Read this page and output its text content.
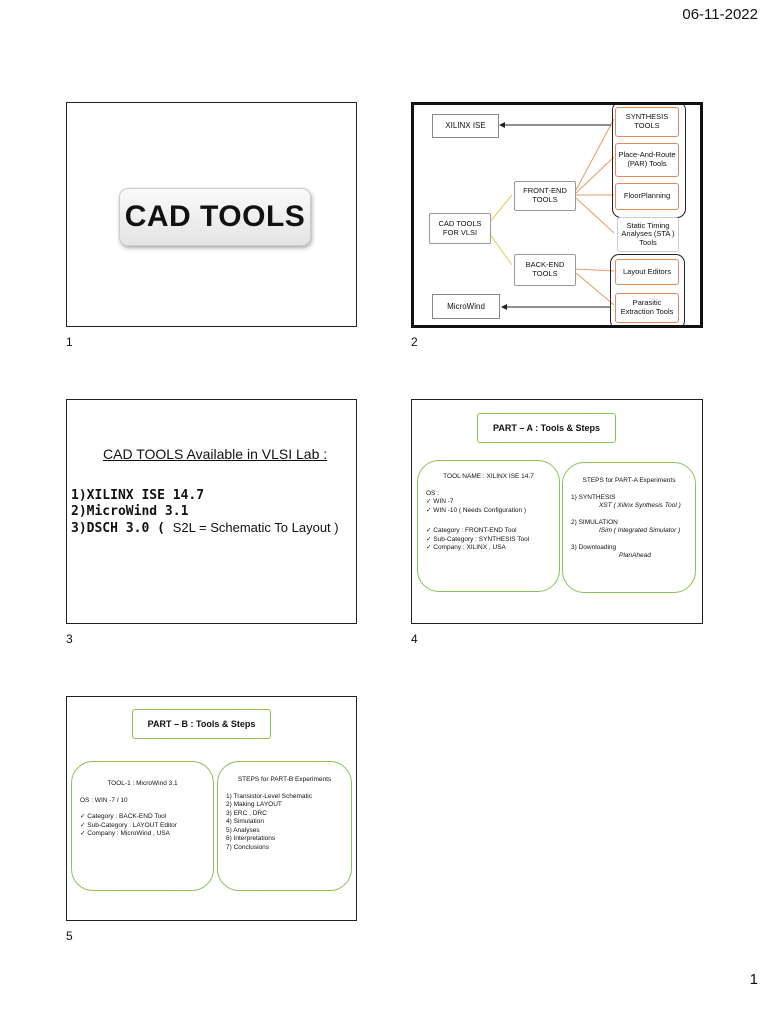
06-11-2022
CAD TOOLS
1
XILINX ISE
MicroWind
CAD TOOLS FOR VLSI
FRONT-END TOOLS
BACK-END TOOLS
SYNTHESIS TOOLS
Place-And-Route (PAR) Tools
FloorPlanning
Static Timing Analyses (STA ) Tools
Layout Editors
Parasitic Extraction Tools
2
CAD TOOLS Available in VLSI Lab :
1)XILINX ISE 14.7
2)MicroWind 3.1
3)DSCH 3.0 ( S2L = Schematic To Layout )
3
PART – A : Tools & Steps
TOOL NAME : XILINX ISE 14.7
OS :
✓ WIN -7
✓ WIN -10 ( Needs Configuration )
✓ Category : FRONT-END Tool
✓ Sub-Category : SYNTHESIS Tool
✓ Company : XILINX , USA
STEPS for PART-A Experiments
1) SYNTHESIS
XST ( Xilinx Synthesis Tool )
2) SIMULATION
ISim ( Integrated Simulator )
3) Downloading
PlanAhead
4
PART – B : Tools & Steps
TOOL-1 : MicroWind 3.1
OS : WIN -7 / 10
✓ Category : BACK-END Tool
✓ Sub-Category : LAYOUT Editor
✓ Company : MicroWind , USA
STEPS for PART-B Experiments
1) Transistor-Level Schematic
2) Making LAYOUT
3) ERC , DRC
4) Simulation
5) Analyses
6) Interpretations
7) Conclusions
5
1
